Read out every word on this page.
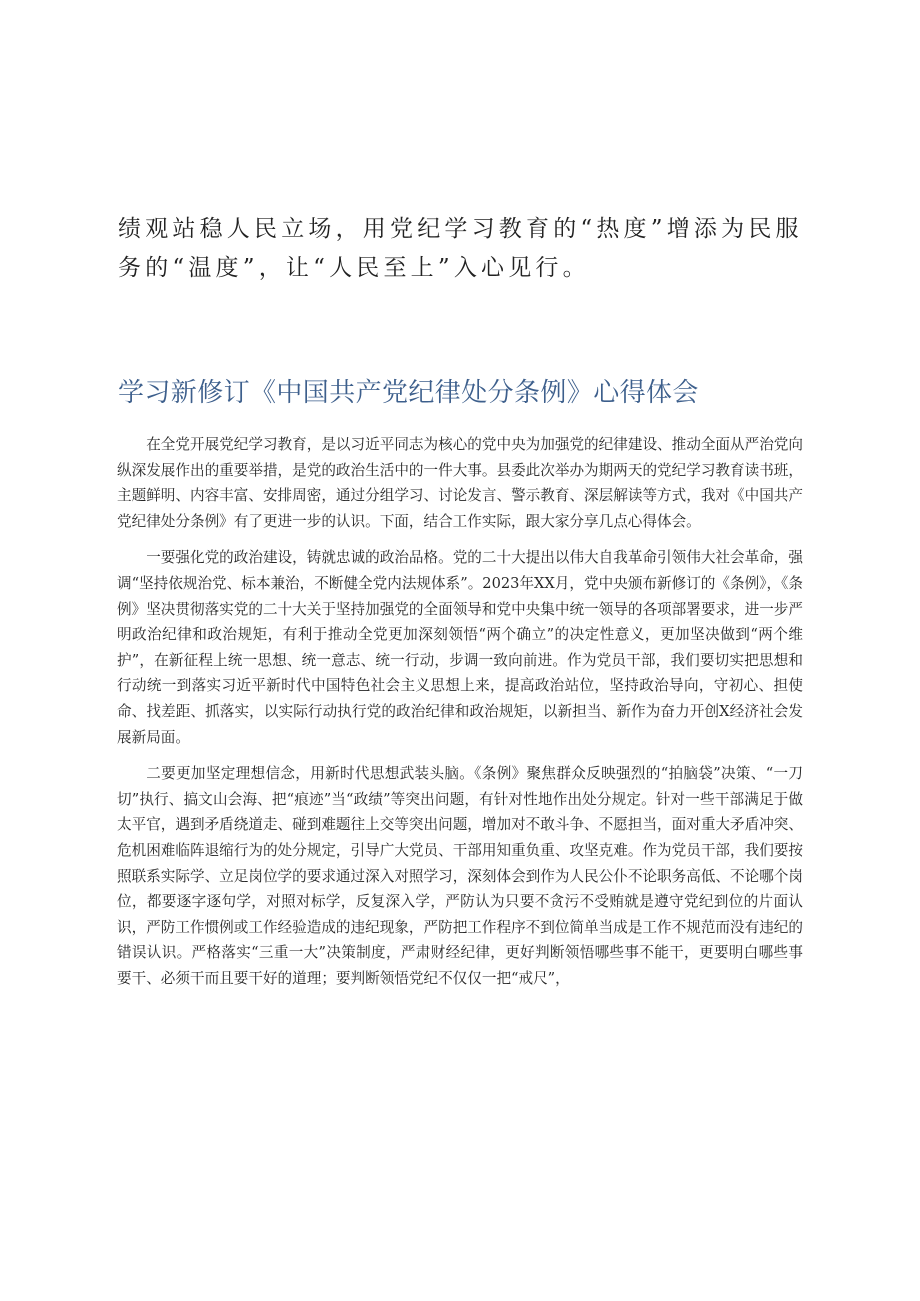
绩观站稳人民立场，用党纪学习教育的“热度”增添为民服务的“温度”，让“人民至上”入心见行。

学习新修订《中国共产党纪律处分条例》心得体会

在全党开展党纪学习教育，是以习近平同志为核心的党中央为加强党的纪律建设、推动全面从严治党向纵深发展作出的重要举措，是党的政治生活中的一件大事。县委此次举办为期两天的党纪学习教育读书班，主题鲜明、内容丰富、安排周密，通过分组学习、讨论发言、警示教育、深层解读等方式，我对《中国共产党纪律处分条例》有了更进一步的认识。下面，结合工作实际，跟大家分享几点心得体会。

一要强化党的政治建设，铸就忠诚的政治品格。党的二十大提出以伟大自我革命引领伟大社会革命，强调“坚持依规治党、标本兼治，不断健全党内法规体系”。2023年XX月，党中央颁布新修订的《条例》，《条例》坚决贯彻落实党的二十大关于坚持加强党的全面领导和党中央集中统一领导的各项部署要求，进一步严明政治纪律和政治规矩，有利于推动全党更加深刻领悟“两个确立”的决定性意义，更加坚决做到“两个维护”，在新征程上统一思想、统一意志、统一行动，步调一致向前进。作为党员干部，我们要切实把思想和行动统一到落实习近平新时代中国特色社会主义思想上来，提高政治站位，坚持政治导向，守初心、担使命、找差距、抓落实，以实际行动执行党的政治纪律和政治规矩，以新担当、新作为奋力开创X经济社会发展新局面。

二要更加坚定理想信念，用新时代思想武装头脑。《条例》聚焦群众反映强烈的“拍脑袋”决策、“一刀切”执行、搞文山会海、把“痕迹”当“政绩”等突出问题，有针对性地作出处分规定。针对一些干部满足于做太平官，遇到矛盾绕道走、碰到难题往上交等突出问题，增加对不敢斗争、不愿担当，面对重大矛盾冲突、危机困难临阵退缩行为的处分规定，引导广大党员、干部用知重负重、攻坚克难。作为党员干部，我们要按照联系实际学、立足岗位学的要求通过深入对照学习，深刻体会到作为人民公仆不论职务高低、不论哪个岗位，都要逐字逐句学，对照对标学，反复深入学，严防认为只要不贪污不受贿就是遵守党纪到位的片面认识，严防工作惯例或工作经验造成的违纪现象，严防把工作程序不到位简单当成是工作不规范而没有违纪的错误认识。严格落实“三重一大”决策制度，严肃财经纪律，更好判断领悟哪些事不能干，更要明白哪些事要干、必须干而且要干好的道理；要判断领悟党纪不仅仅一把“戒尺”，
